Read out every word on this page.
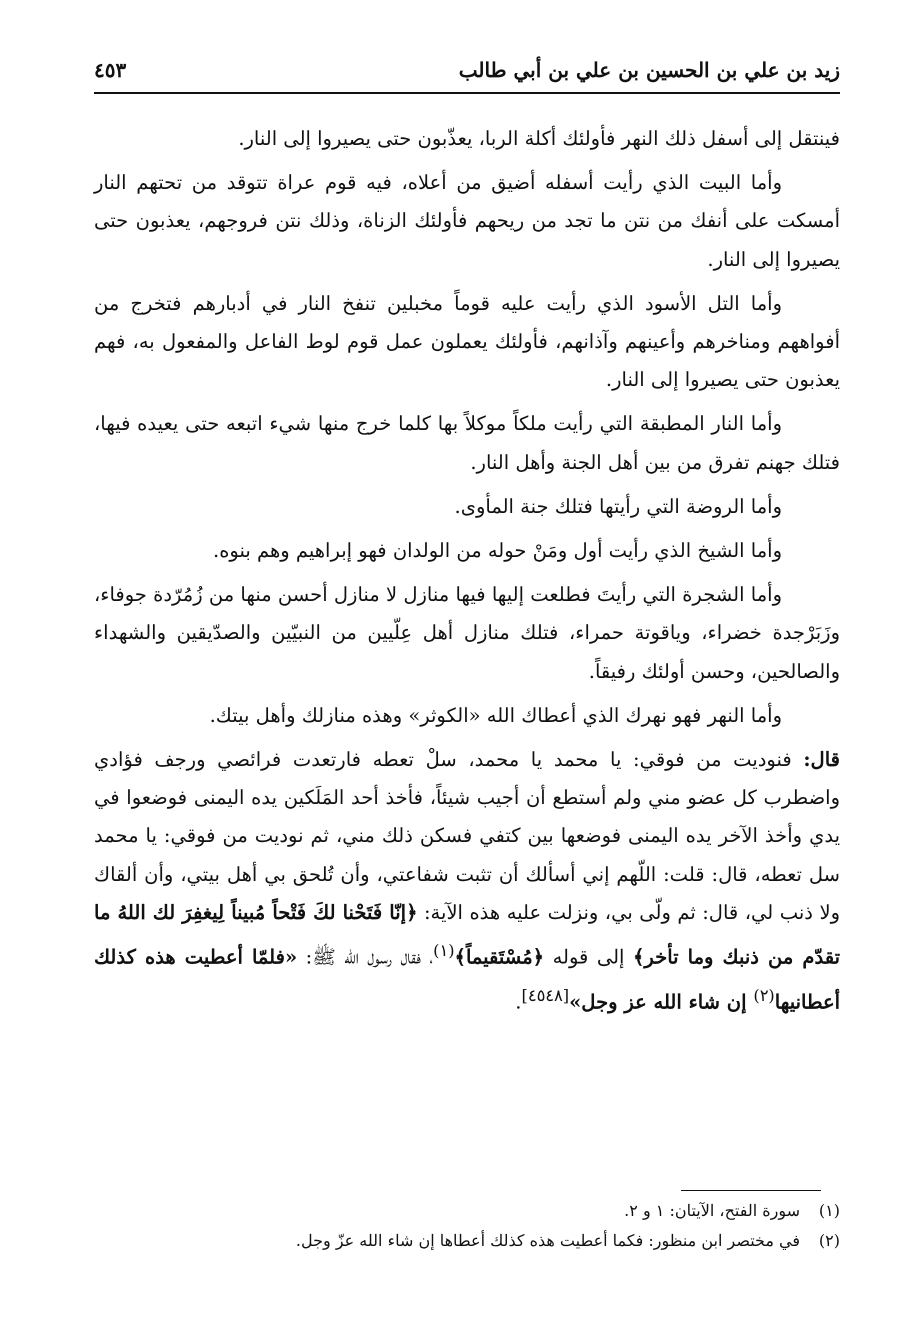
زيد بن علي بن الحسين بن علي بن أبي طالب
٤٥٣

فينتقل إلى أسفل ذلك النهر فأولئك أكلة الربا، يعذّبون حتى يصيروا إلى النار.

وأما البيت الذي رأيت أسفله أضيق من أعلاه، فيه قوم عراة تتوقد من تحتهم النار أمسكت على أنفك من نتن ما تجد من ريحهم فأولئك الزناة، وذلك نتن فروجهم، يعذبون حتى يصيروا إلى النار.

وأما التل الأسود الذي رأيت عليه قوماً مخبلين تنفخ النار في أدبارهم فتخرج من أفواههم ومناخرهم وأعينهم وآذانهم، فأولئك يعملون عمل قوم لوط الفاعل والمفعول به، فهم يعذبون حتى يصيروا إلى النار.

وأما النار المطبقة التي رأيت ملكاً موكلاً بها كلما خرج منها شيء اتبعه حتى يعيده فيها، فتلك جهنم تفرق من بين أهل الجنة وأهل النار.

وأما الروضة التي رأيتها فتلك جنة المأوى.

وأما الشيخ الذي رأيت أول ومَنْ حوله من الولدان فهو إبراهيم وهم بنوه.

وأما الشجرة التي رأيتَ فطلعت إليها فيها منازل لا منازل أحسن منها من زُمُرّدة جوفاء، وزَبَرْجدة خضراء، وياقوتة حمراء، فتلك منازل أهل عِلّيين من النبيّين والصدّيقين والشهداء والصالحين، وحسن أولئك رفيقاً.

وأما النهر فهو نهرك الذي أعطاك الله «الكوثر» وهذه منازلك وأهل بيتك.

قال: فنوديت من فوقي: يا محمد يا محمد، سلْ تعطه فارتعدت فرائصي ورجف فؤادي واضطرب كل عضو مني ولم أستطع أن أجيب شيئاً، فأخذ أحد المَلَكين يده اليمنى فوضعوا في يدي وأخذ الآخر يده اليمنى فوضعها بين كتفي فسكن ذلك مني، ثم نوديت من فوقي: يا محمد سل تعطه، قال: قلت: اللّهم إني أسألك أن تثبت شفاعتي، وأن تُلحق بي أهل بيتي، وأن ألقاك ولا ذنب لي، قال: ثم ولّى بي، ونزلت عليه هذه الآية: ﴿إنّا فَتَحْنا لكَ فَتْحاً مُبيناً لِيغفِرَ لك اللهُ ما تقدّم من ذنبك وما تأخر﴾ إلى قوله ﴿مُسْتَقيماً﴾$^{(١)}$، فقال رسول الله ﷺ: «فلمّا أعطيت هذه كذلك أعطانيها$^{(٢)}$ إن شاء الله عز وجل»[٤٥٤٨].

(١)سورة الفتح، الآيتان: ١ و ٢.
(٢)في مختصر ابن منظور: فكما أعطيت هذه كذلك أعطاها إن شاء الله عزّ وجل.
